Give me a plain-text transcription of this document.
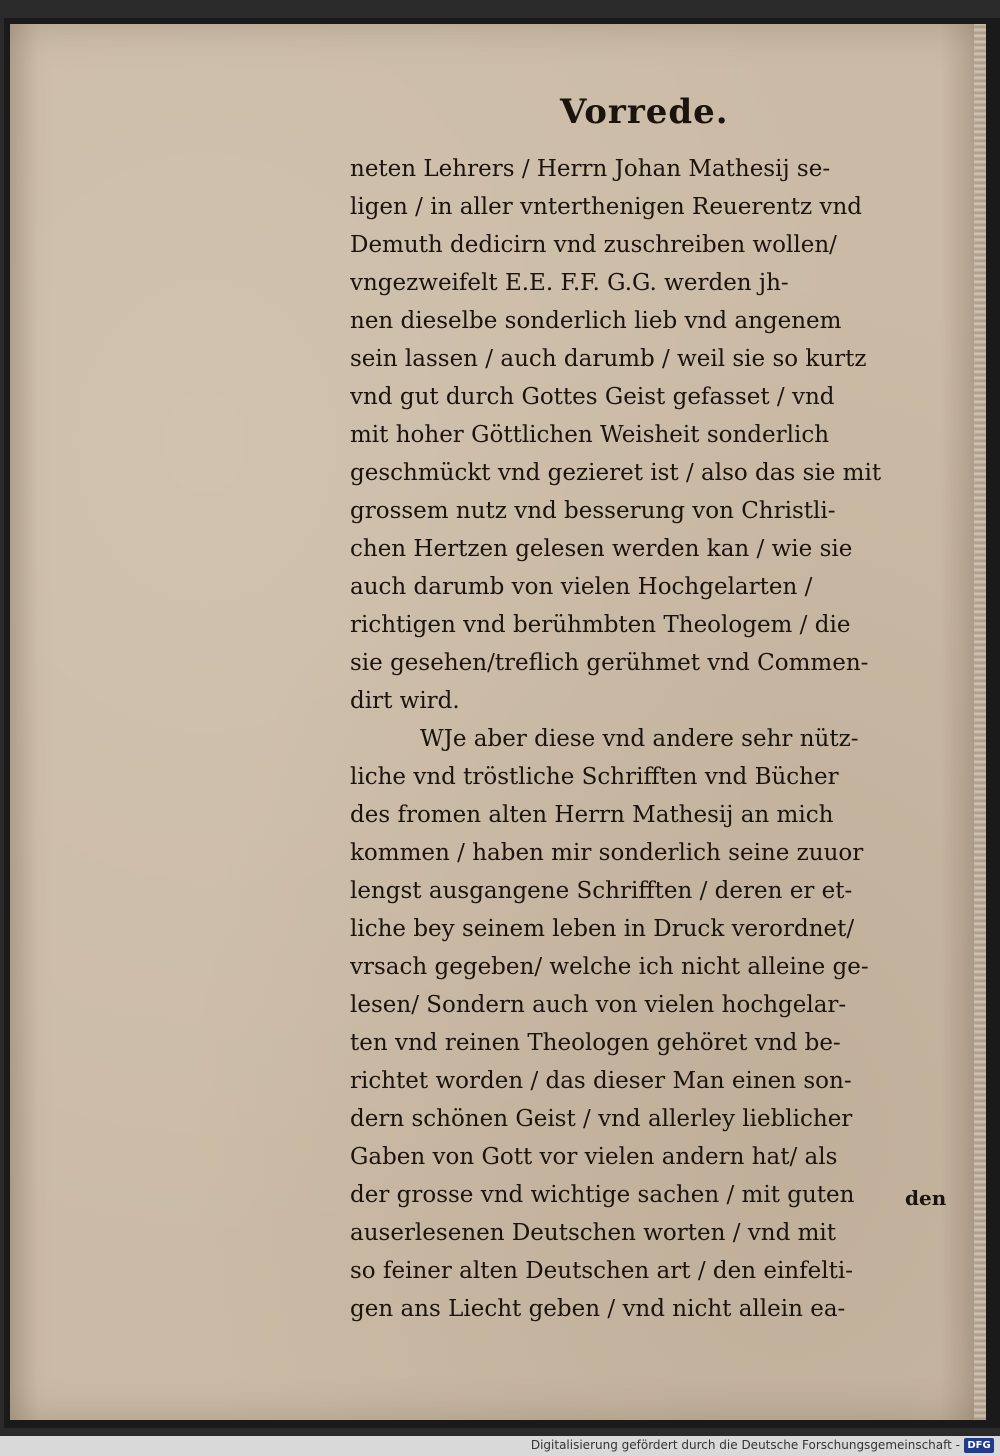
Vorrede.
neten Lehrers / Herrn Johan Mathesij se-
ligen / in aller vnterthenigen Reuerentz vnd
Demuth dedicirn vnd zuschreiben wollen/
vngezweifelt E.E. F.F. G.G. werden jh-
nen dieselbe sonderlich lieb vnd angenem
sein lassen / auch darumb / weil sie so kurtz
vnd gut durch Gottes Geist gefasset / vnd
mit hoher Göttlichen Weisheit sonderlich
geschmückt vnd gezieret ist / also das sie mit
grossem nutz vnd besserung von Christli-
chen Hertzen gelesen werden kan / wie sie
auch darumb von vielen Hochgelarten /
richtigen vnd berühmbten Theologem / die
sie gesehen/treflich gerühmet vnd Commen-
dirt wird.
WJe aber diese vnd andere sehr nütz-
liche vnd tröstliche Schrifften vnd Bücher
des fromen alten Herrn Mathesij an mich
kommen / haben mir sonderlich seine zuuor
lengst ausgangene Schrifften / deren er et-
liche bey seinem leben in Druck verordnet/
vrsach gegeben/ welche ich nicht alleine ge-
lesen/ Sondern auch von vielen hochgelar-
ten vnd reinen Theologen gehöret vnd be-
richtet worden / das dieser Man einen son-
dern schönen Geist / vnd allerley lieblicher
Gaben von Gott vor vielen andern hat/ als
der grosse vnd wichtige sachen / mit guten
auserlesenen Deutschen worten / vnd mit
so feiner alten Deutschen art / den einfelti-
gen ans Liecht geben / vnd nicht allein ea-
den
Digitalisierung gefördert durch die Deutsche Forschungsgemeinschaft - DFG
